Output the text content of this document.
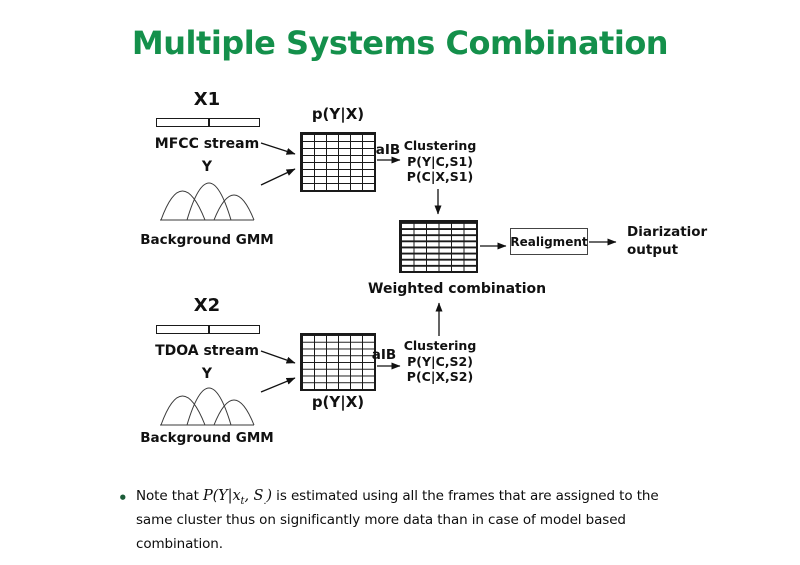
Multiple Systems Combination
X1
MFCC stream
Y
Background GMM
p(Y|X)
aIB Clustering
P(Y|C,S1)
P(C|X,S1)
Weighted combination
Realigment
Diarizatior
output
X2
TDOA stream
Y
Background GMM
p(Y|X)
aIB
Clustering
P(Y|C,S2)
P(C|X,S2)
• Note that $P(Y|x_t$, $S_.$) is estimated using all the frames that are assigned to the
same cluster thus on significantly more data than in case of model based
combination.
